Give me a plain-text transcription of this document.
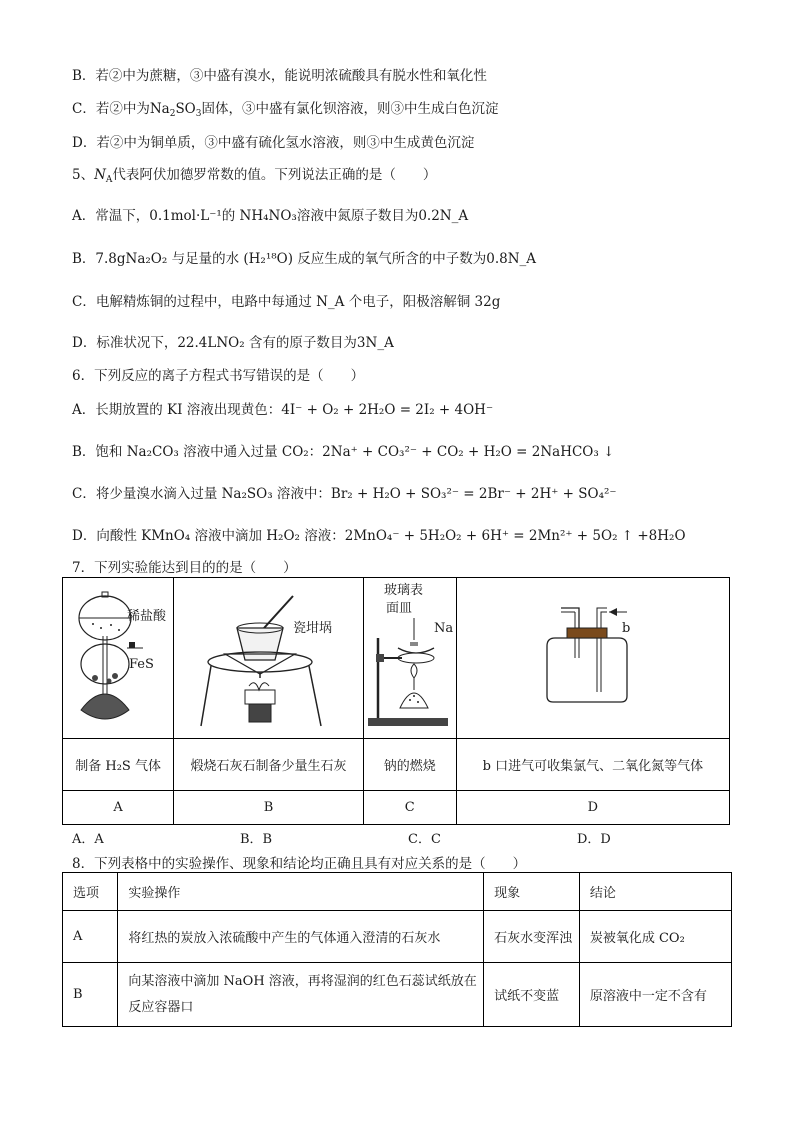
B．若②中为蔗糖，③中盛有溴水，能说明浓硫酸具有脱水性和氧化性
C．若②中为$Na_2SO_3$固体，③中盛有氯化钡溶液，则③中生成白色沉淀
D．若②中为铜单质，③中盛有硫化氢水溶液，则③中生成黄色沉淀
5、$N_A$代表阿伏加德罗常数的值。下列说法正确的是（　　）
A．常温下，0.1mol·L⁻¹的 NH₄NO₃溶液中氮原子数目为0.2N_A
B．7.8gNa₂O₂ 与足量的水 (H₂¹⁸O) 反应生成的氧气所含的中子数为0.8N_A
C．电解精炼铜的过程中，电路中每通过 N_A 个电子，阳极溶解铜 32g
D．标准状况下，22.4LNO₂ 含有的原子数目为3N_A
6．下列反应的离子方程式书写错误的是（　　）
A．长期放置的 KI 溶液出现黄色：4I⁻ + O₂ + 2H₂O = 2I₂ + 4OH⁻
B．饱和 Na₂CO₃ 溶液中通入过量 CO₂：2Na⁺ + CO₃²⁻ + CO₂ + H₂O = 2NaHCO₃ ↓
C．将少量溴水滴入过量 Na₂SO₃ 溶液中：Br₂ + H₂O + SO₃²⁻ = 2Br⁻ + 2H⁺ + SO₄²⁻
D．向酸性 KMnO₄ 溶液中滴加 H₂O₂ 溶液：2MnO₄⁻ + 5H₂O₂ + 6H⁺ = 2Mn²⁺ + 5O₂ ↑ +8H₂O
7．下列实验能达到目的的是（　　）
稀盐酸
FeS	瓷坩埚	玻璃表
面皿
Na	b

制备 H₂S 气体	煅烧石灰石制备少量生石灰	钠的燃烧	b 口进气可收集氯气、二氧化氮等气体
A	B	C	D
A．A	B．B	C．C	D．D
8．下列表格中的实验操作、现象和结论均正确且具有对应关系的是（　　）
选项	实验操作	现象	结论
A	将红热的炭放入浓硫酸中产生的气体通入澄清的石灰水	石灰水变浑浊	炭被氧化成 CO₂
B	向某溶液中滴加 NaOH 溶液，再将湿润的红色石蕊试纸放在反应容器口	试纸不变蓝	原溶液中一定不含有
